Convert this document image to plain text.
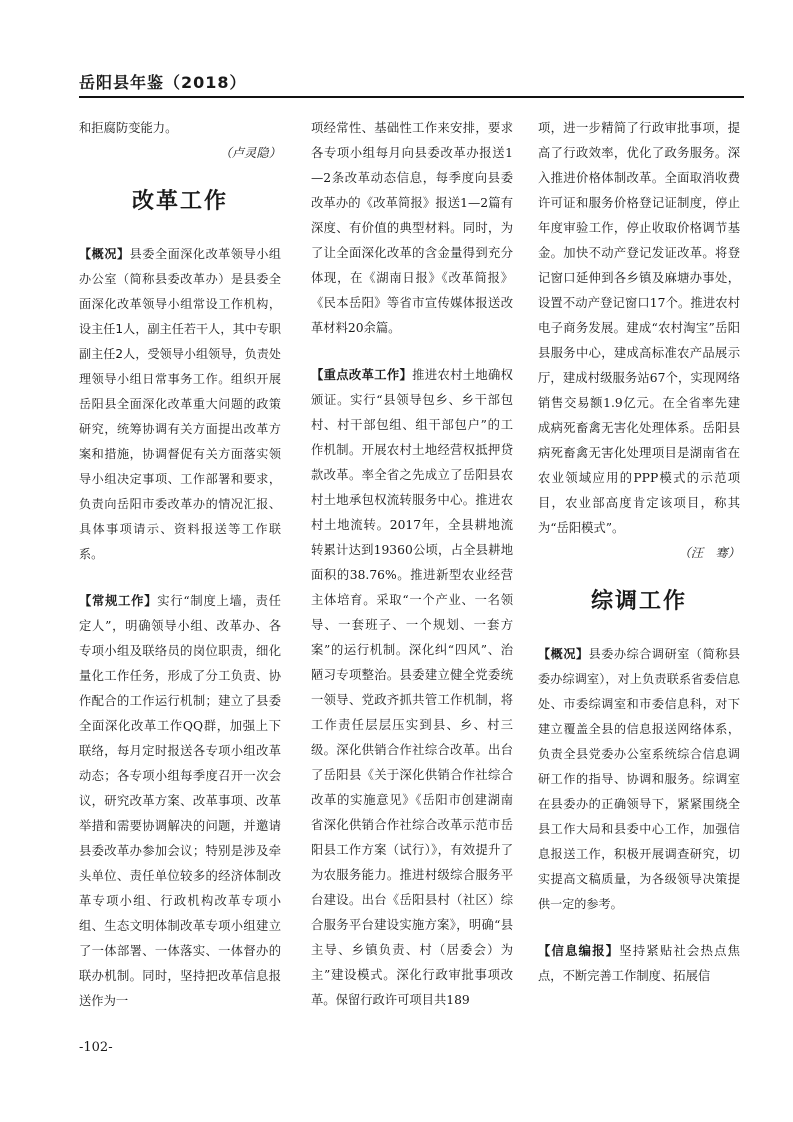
岳阳县年鉴（2018）

和拒腐防变能力。

（卢灵隐）

改革工作

【概况】县委全面深化改革领导小组办公室（简称县委改革办）是县委全面深化改革领导小组常设工作机构，设主任1人，副主任若干人，其中专职副主任2人，受领导小组领导，负责处理领导小组日常事务工作。组织开展岳阳县全面深化改革重大问题的政策研究，统筹协调有关方面提出改革方案和措施，协调督促有关方面落实领导小组决定事项、工作部署和要求，负责向岳阳市委改革办的情况汇报、具体事项请示、资料报送等工作联系。

【常规工作】实行“制度上墙，责任定人”，明确领导小组、改革办、各专项小组及联络员的岗位职责，细化量化工作任务，形成了分工负责、协作配合的工作运行机制；建立了县委全面深化改革工作QQ群，加强上下联络，每月定时报送各专项小组改革动态；各专项小组每季度召开一次会议，研究改革方案、改革事项、改革举措和需要协调解决的问题，并邀请县委改革办参加会议；特别是涉及牵头单位、责任单位较多的经济体制改革专项小组、行政机构改革专项小组、生态文明体制改革专项小组建立了一体部署、一体落实、一体督办的联办机制。同时，坚持把改革信息报送作为一

项经常性、基础性工作来安排，要求各专项小组每月向县委改革办报送1—2条改革动态信息，每季度向县委改革办的《改革简报》报送1—2篇有深度、有价值的典型材料。同时，为了让全面深化改革的含金量得到充分体现，在《湖南日报》《改革简报》《民本岳阳》等省市宣传媒体报送改革材料20余篇。

【重点改革工作】推进农村土地确权颁证。实行“县领导包乡、乡干部包村、村干部包组、组干部包户”的工作机制。开展农村土地经营权抵押贷款改革。率全省之先成立了岳阳县农村土地承包权流转服务中心。推进农村土地流转。2017年，全县耕地流转累计达到19360公顷，占全县耕地面积的38.76%。推进新型农业经营主体培育。采取“一个产业、一名领导、一套班子、一个规划、一套方案”的运行机制。深化纠“四风”、治陋习专项整治。县委建立健全党委统一领导、党政齐抓共管工作机制，将工作责任层层压实到县、乡、村三级。深化供销合作社综合改革。出台了岳阳县《关于深化供销合作社综合改革的实施意见》《岳阳市创建湖南省深化供销合作社综合改革示范市岳阳县工作方案（试行）》，有效提升了为农服务能力。推进村级综合服务平台建设。出台《岳阳县村（社区）综合服务平台建设实施方案》，明确“县主导、乡镇负责、村（居委会）为主”建设模式。深化行政审批事项改革。保留行政许可项目共189

项，进一步精简了行政审批事项，提高了行政效率，优化了政务服务。深入推进价格体制改革。全面取消收费许可证和服务价格登记证制度，停止年度审验工作，停止收取价格调节基金。加快不动产登记发证改革。将登记窗口延伸到各乡镇及麻塘办事处，设置不动产登记窗口17个。推进农村电子商务发展。建成“农村淘宝”岳阳县服务中心，建成高标准农产品展示厅，建成村级服务站67个，实现网络销售交易额1.9亿元。在全省率先建成病死畜禽无害化处理体系。岳阳县病死畜禽无害化处理项目是湖南省在农业领域应用的PPP模式的示范项目，农业部高度肯定该项目，称其为“岳阳模式”。

（汪　骞）

综调工作

【概况】县委办综合调研室（简称县委办综调室），对上负责联系省委信息处、市委综调室和市委信息科，对下建立覆盖全县的信息报送网络体系，负责全县党委办公室系统综合信息调研工作的指导、协调和服务。综调室在县委办的正确领导下，紧紧围绕全县工作大局和县委中心工作，加强信息报送工作，积极开展调查研究，切实提高文稿质量，为各级领导决策提供一定的参考。

【信息编报】坚持紧贴社会热点焦点，不断完善工作制度、拓展信

-102-
